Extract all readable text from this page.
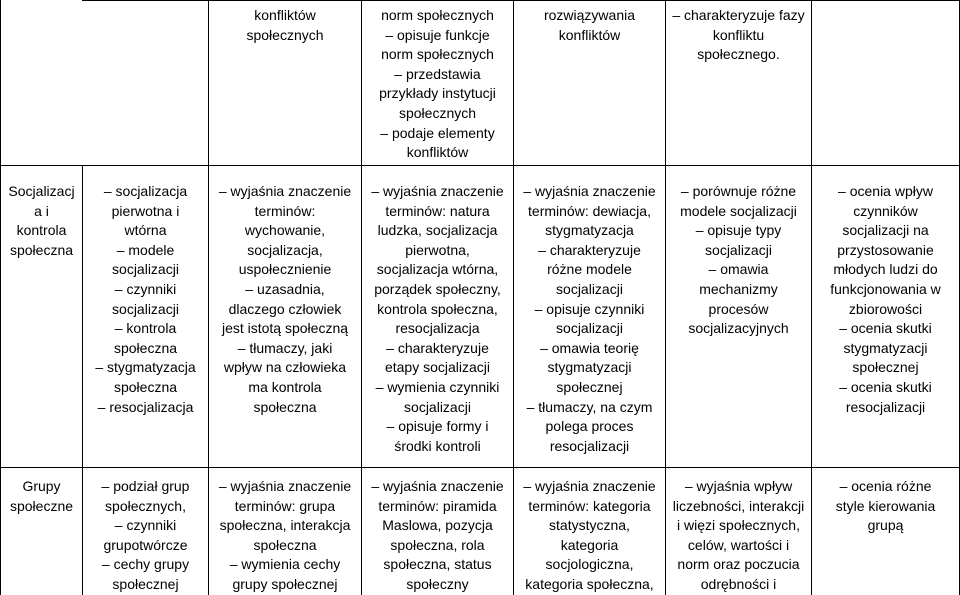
konfliktów
społecznych
norm społecznych
– opisuje funkcje
norm społecznych
– przedstawia
przykłady instytucji
społecznych
– podaje elementy
konfliktów
rozwiązywania
konfliktów
– charakteryzuje fazy
konfliktu
społecznego.
Socjalizacj
a i
kontrola
społeczna
– socjalizacja
pierwotna i
wtórna
– modele
socjalizacji
– czynniki
socjalizacji
– kontrola
społeczna
– stygmatyzacja
społeczna
– resocjalizacja
– wyjaśnia znaczenie
terminów:
wychowanie,
socjalizacja,
uspołecznienie
– uzasadnia,
dlaczego człowiek
jest istotą społeczną
– tłumaczy, jaki
wpływ na człowieka
ma kontrola
społeczna
– wyjaśnia znaczenie
terminów: natura
ludzka, socjalizacja
pierwotna,
socjalizacja wtórna,
porządek społeczny,
kontrola społeczna,
resocjalizacja
– charakteryzuje
etapy socjalizacji
– wymienia czynniki
socjalizacji
– opisuje formy i
środki kontroli
– wyjaśnia znaczenie
terminów: dewiacja,
stygmatyzacja
– charakteryzuje
różne modele
socjalizacji
– opisuje czynniki
socjalizacji
– omawia teorię
stygmatyzacji
społecznej
– tłumaczy, na czym
polega proces
resocjalizacji
– porównuje różne
modele socjalizacji
– opisuje typy
socjalizacji
– omawia
mechanizmy
procesów
socjalizacyjnych
– ocenia wpływ
czynników
socjalizacji na
przystosowanie
młodych ludzi do
funkcjonowania w
zbiorowości
– ocenia skutki
stygmatyzacji
społecznej
– ocenia skutki
resocjalizacji
Grupy
społeczne
– podział grup
społecznych,
– czynniki
grupotwórcze
– cechy grupy
społecznej
– wyjaśnia znaczenie
terminów: grupa
społeczna, interakcja
społeczna
– wymienia cechy
grupy społecznej
– wyjaśnia znaczenie
terminów: piramida
Maslowa, pozycja
społeczna, rola
społeczna, status
społeczny
– wyjaśnia znaczenie
terminów: kategoria
statystyczna,
kategoria
socjologiczna,
kategoria społeczna,
– wyjaśnia wpływ
liczebności, interakcji
i więzi społecznych,
celów, wartości i
norm oraz poczucia
odrębności i
– ocenia różne
style kierowania
grupą
